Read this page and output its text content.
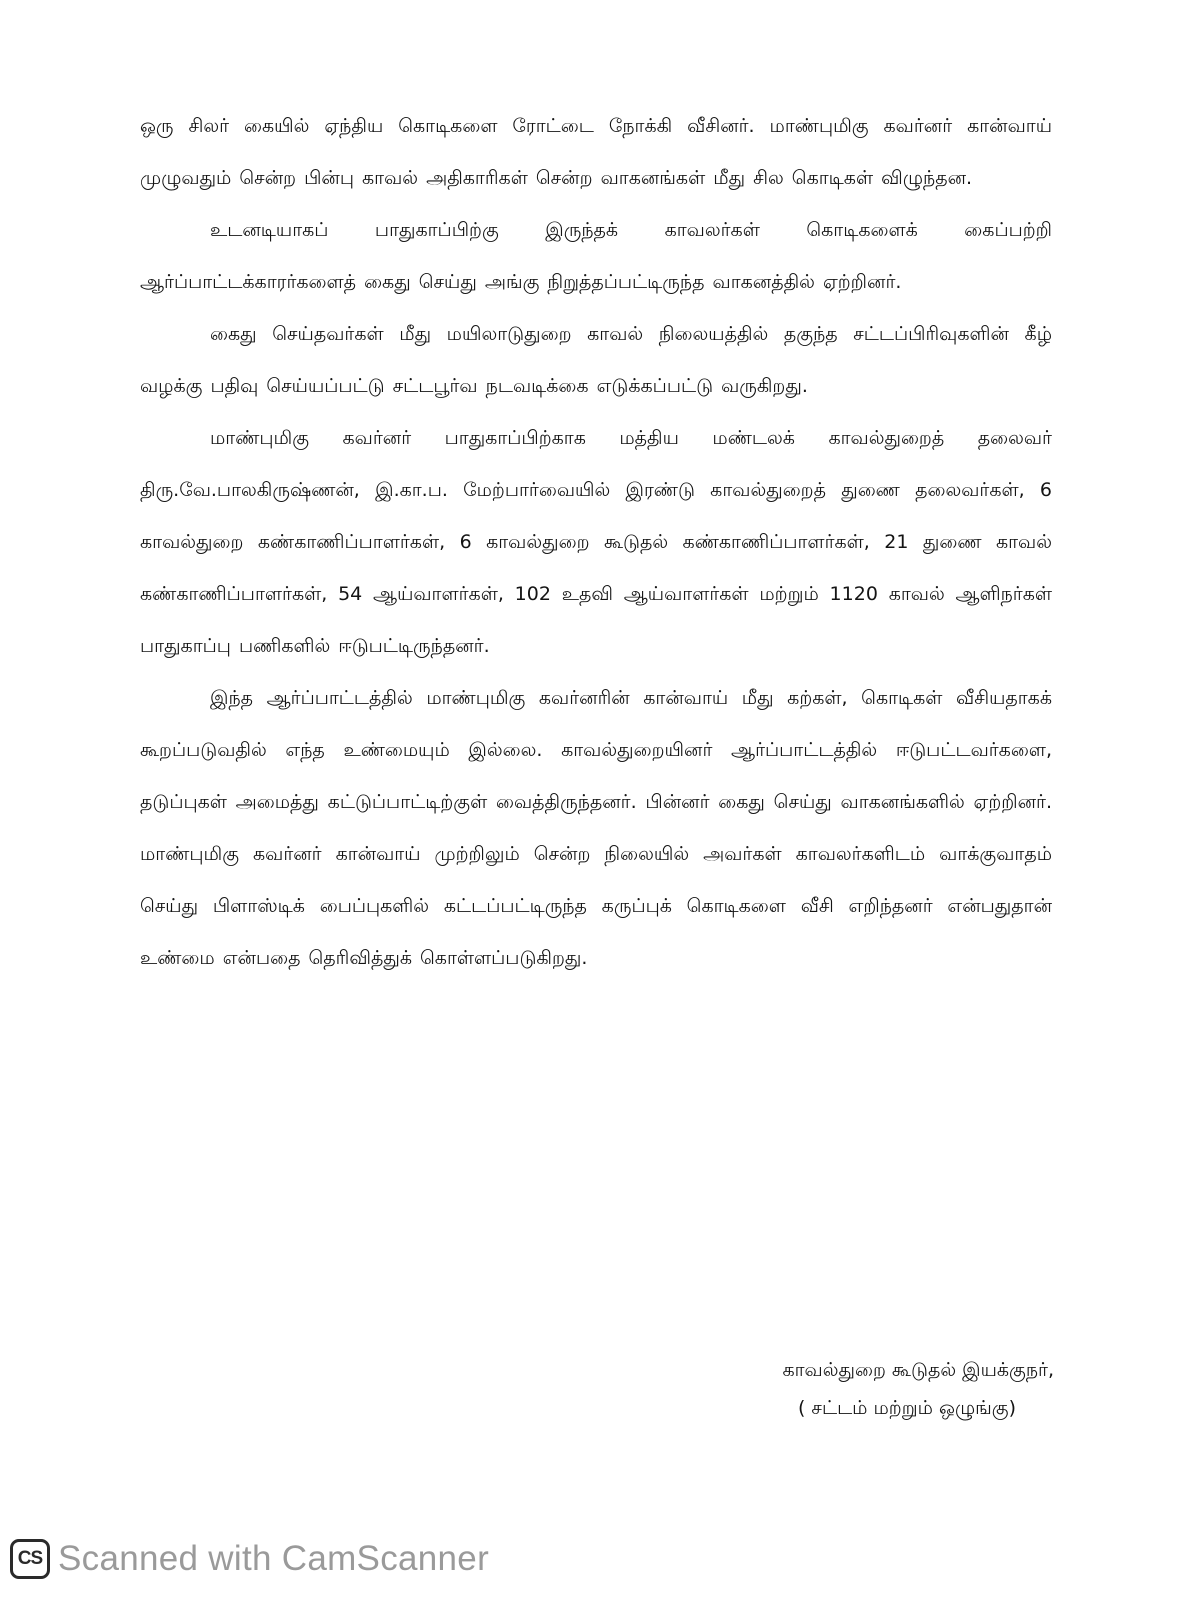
ஒரு சிலர் கையில் ஏந்திய கொடிகளை ரோட்டை நோக்கி வீசினர். மாண்புமிகு கவர்னர் கான்வாய் முழுவதும் சென்ற பின்பு காவல் அதிகாரிகள் சென்ற வாகனங்கள் மீது சில கொடிகள் விழுந்தன.

உடனடியாகப் பாதுகாப்பிற்கு இருந்தக் காவலர்கள் கொடிகளைக் கைப்பற்றி ஆர்ப்பாட்டக்காரர்களைத் கைது செய்து அங்கு நிறுத்தப்பட்டிருந்த வாகனத்தில் ஏற்றினர்.

கைது செய்தவர்கள் மீது மயிலாடுதுறை காவல் நிலையத்தில் தகுந்த சட்டப்பிரிவுகளின் கீழ் வழக்கு பதிவு செய்யப்பட்டு சட்டபூர்வ நடவடிக்கை எடுக்கப்பட்டு வருகிறது.

மாண்புமிகு கவர்னர் பாதுகாப்பிற்காக மத்திய மண்டலக் காவல்துறைத் தலைவர் திரு.வே.பாலகிருஷ்ணன், இ.கா.ப. மேற்பார்வையில் இரண்டு காவல்துறைத் துணை தலைவர்கள், 6 காவல்துறை கண்காணிப்பாளர்கள், 6 காவல்துறை கூடுதல் கண்காணிப்பாளர்கள், 21 துணை காவல் கண்காணிப்பாளர்கள், 54 ஆய்வாளர்கள், 102 உதவி ஆய்வாளர்கள் மற்றும் 1120 காவல் ஆளிநர்கள் பாதுகாப்பு பணிகளில் ஈடுபட்டிருந்தனர்.

இந்த ஆர்ப்பாட்டத்தில் மாண்புமிகு கவர்னரின் கான்வாய் மீது கற்கள், கொடிகள் வீசியதாகக் கூறப்படுவதில் எந்த உண்மையும் இல்லை. காவல்துறையினர் ஆர்ப்பாட்டத்தில் ஈடுபட்டவர்களை, தடுப்புகள் அமைத்து கட்டுப்பாட்டிற்குள் வைத்திருந்தனர். பின்னர் கைது செய்து வாகனங்களில் ஏற்றினர். மாண்புமிகு கவர்னர் கான்வாய் முற்றிலும் சென்ற நிலையில் அவர்கள் காவலர்களிடம் வாக்குவாதம் செய்து பிளாஸ்டிக் பைப்புகளில் கட்டப்பட்டிருந்த கருப்புக் கொடிகளை வீசி எறிந்தனர் என்பதுதான் உண்மை என்பதை தெரிவித்துக் கொள்ளப்படுகிறது.

காவல்துறை கூடுதல் இயக்குநர்,
( சட்டம் மற்றும் ஒழுங்கு)
CS Scanned with CamScanner
